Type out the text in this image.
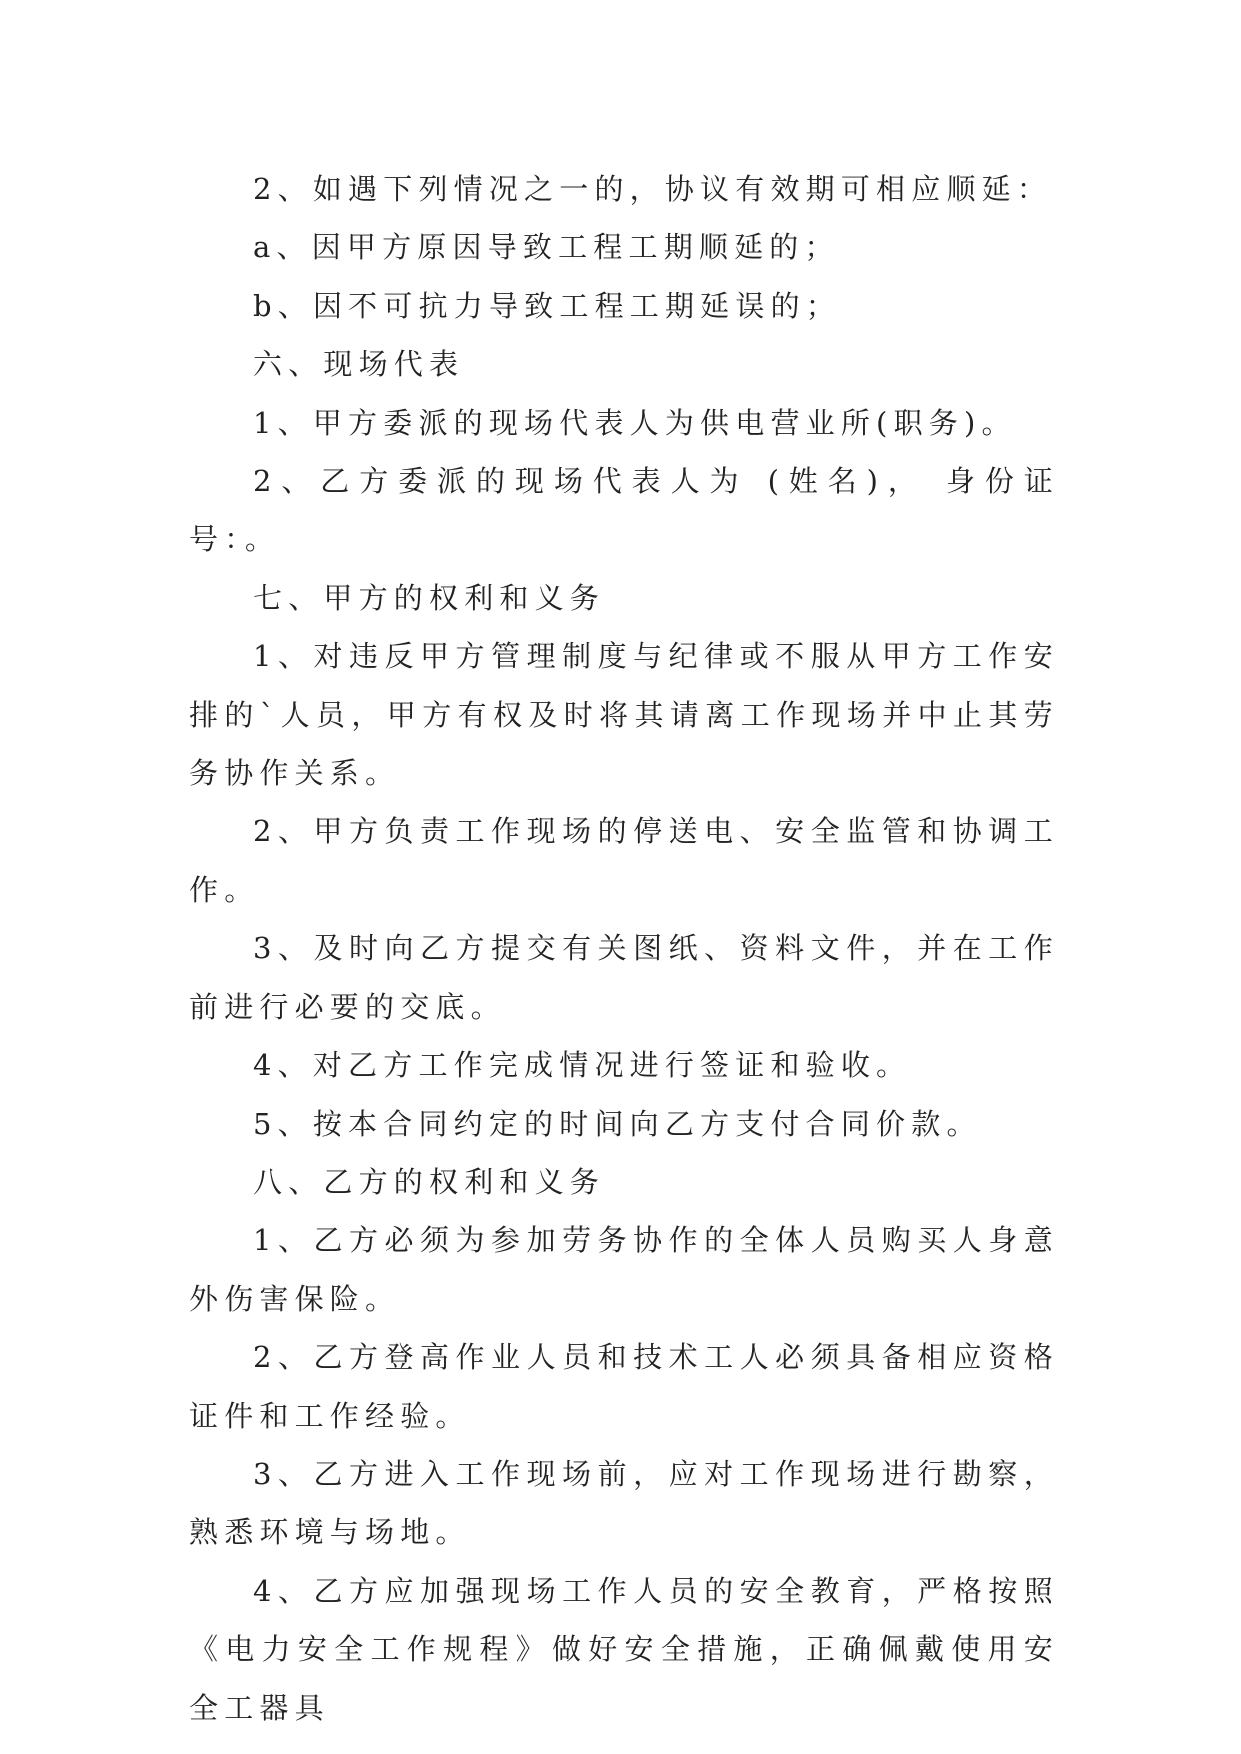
2、如遇下列情况之一的，协议有效期可相应顺延：

a、因甲方原因导致工程工期顺延的；

b、因不可抗力导致工程工期延误的；

六、现场代表

1、甲方委派的现场代表人为供电营业所(职务)。

2、乙方委派的现场代表人为 (姓名)， 身份证号：。

七、甲方的权利和义务

1、对违反甲方管理制度与纪律或不服从甲方工作安排的`人员，甲方有权及时将其请离工作现场并中止其劳务协作关系。

2、甲方负责工作现场的停送电、安全监管和协调工作。

3、及时向乙方提交有关图纸、资料文件，并在工作前进行必要的交底。

4、对乙方工作完成情况进行签证和验收。

5、按本合同约定的时间向乙方支付合同价款。

八、乙方的权利和义务

1、乙方必须为参加劳务协作的全体人员购买人身意外伤害保险。

2、乙方登高作业人员和技术工人必须具备相应资格证件和工作经验。

3、乙方进入工作现场前，应对工作现场进行勘察，熟悉环境与场地。

4、乙方应加强现场工作人员的安全教育，严格按照《电力安全工作规程》做好安全措施，正确佩戴使用安全工器具
